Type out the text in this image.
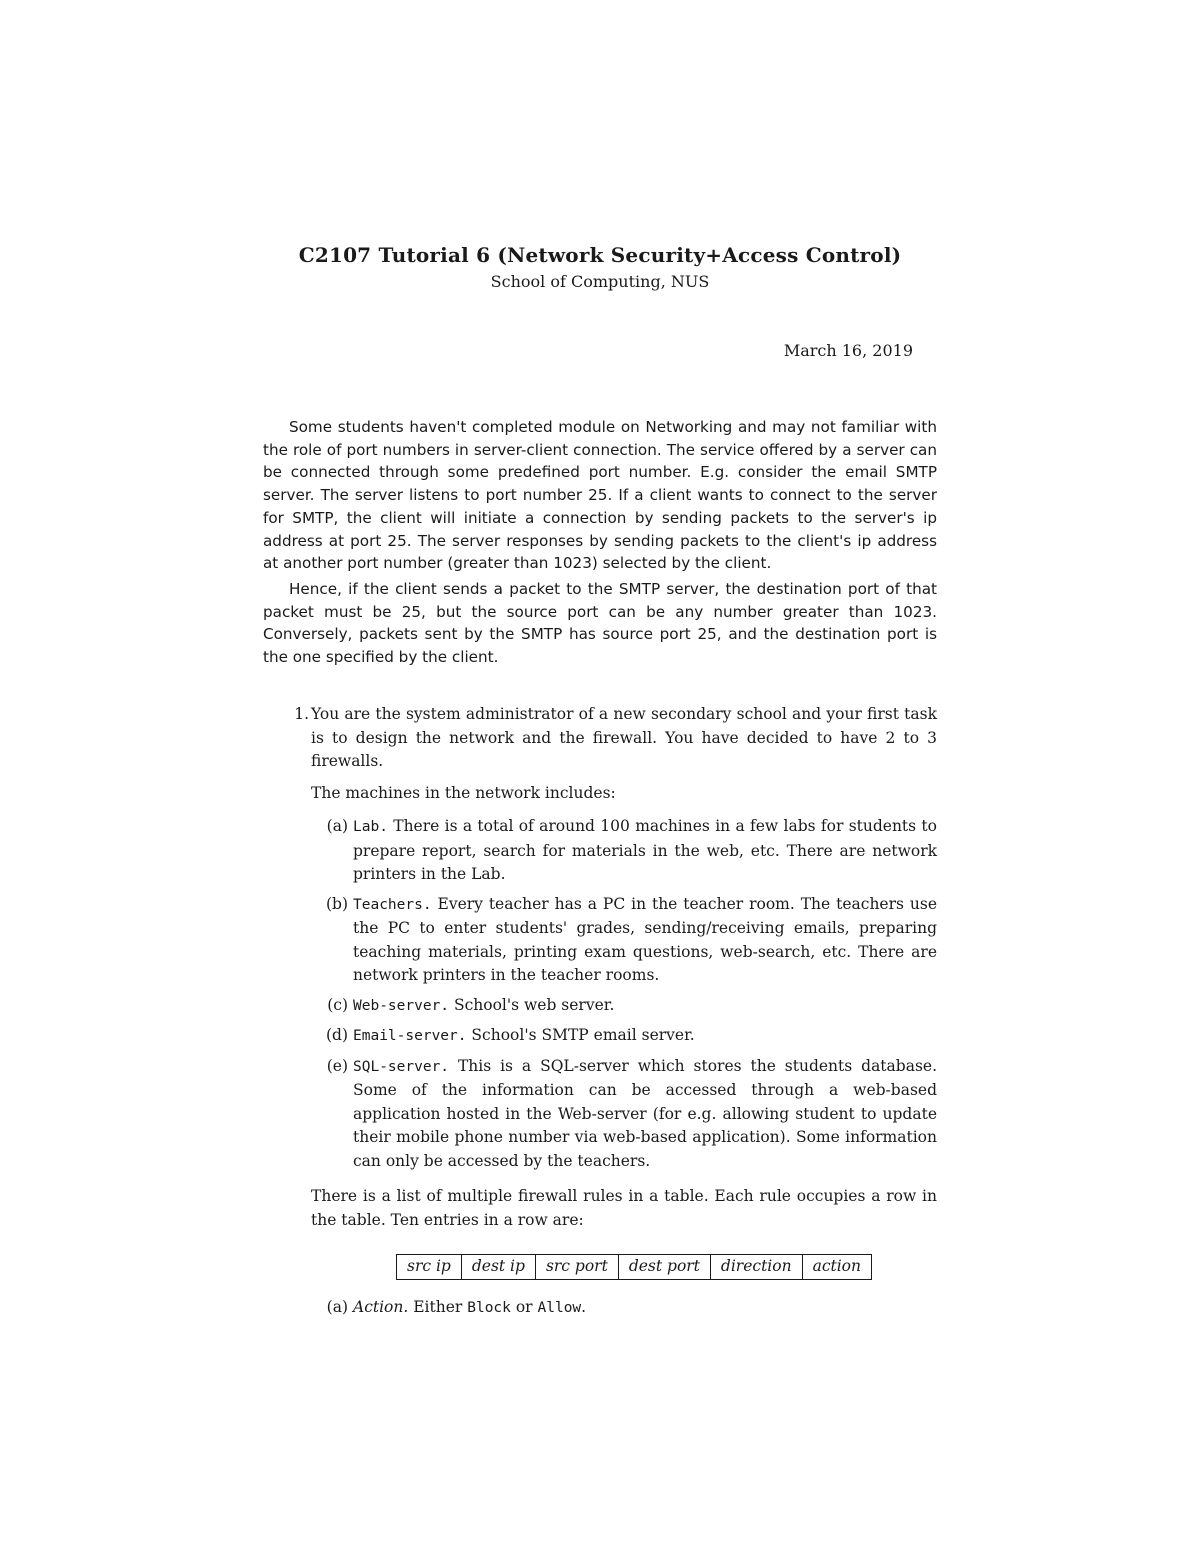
C2107 Tutorial 6 (Network Security+Access Control)
School of Computing, NUS
March 16, 2019

Some students haven't completed module on Networking and may not familiar with the role of port numbers in server-client connection. The service offered by a server can be connected through some predefined port number. E.g. consider the email SMTP server. The server listens to port number 25. If a client wants to connect to the server for SMTP, the client will initiate a connection by sending packets to the server's ip address at port 25. The server responses by sending packets to the client's ip address at another port number (greater than 1023) selected by the client.

Hence, if the client sends a packet to the SMTP server, the destination port of that packet must be 25, but the source port can be any number greater than 1023. Conversely, packets sent by the SMTP has source port 25, and the destination port is the one specified by the client.

1. You are the system administrator of a new secondary school and your first task is to design the network and the firewall. You have decided to have 2 to 3 firewalls.

The machines in the network includes:

(a) Lab. There is a total of around 100 machines in a few labs for students to prepare report, search for materials in the web, etc. There are network printers in the Lab.
(b) Teachers. Every teacher has a PC in the teacher room. The teachers use the PC to enter students' grades, sending/receiving emails, preparing teaching materials, printing exam questions, web-search, etc. There are network printers in the teacher rooms.
(c) Web-server. School's web server.
(d) Email-server. School's SMTP email server.
(e) SQL-server. This is a SQL-server which stores the students database. Some of the information can be accessed through a web-based application hosted in the Web-server (for e.g. allowing student to update their mobile phone number via web-based application). Some information can only be accessed by the teachers.

There is a list of multiple firewall rules in a table. Each rule occupies a row in the table. Ten entries in a row are:

src ip	dest ip	src port	dest port	direction	action
(a) Action. Either Block or Allow.
